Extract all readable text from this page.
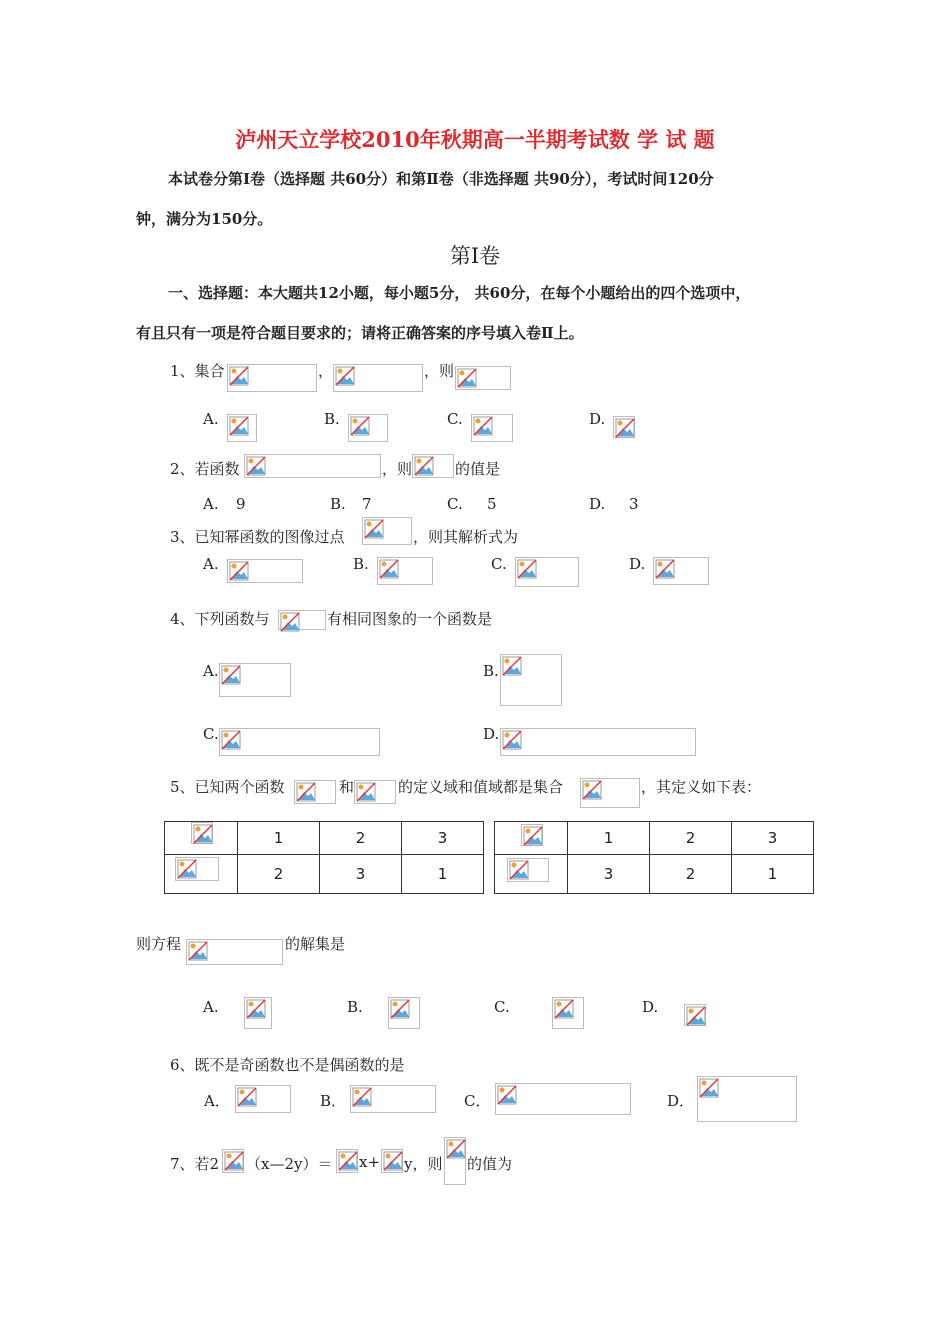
泸州天立学校2010年秋期高一半期考试数 学 试 题
本试卷分第Ⅰ卷（选择题 共60分）和第Ⅱ卷（非选择题 共90分），考试时间120分
钟，满分为150分。
第Ⅰ卷
一、选择题：本大题共12小题，每小题5分， 共60分，在每个小题给出的四个选项中，
有且只有一项是符合题目要求的；请将正确答案的序号填入卷Ⅱ上。
1、集合	，	，则
A.	B.	C.	D.
2、若函数	，则	的值是
A. 9	B. 7	C. 5	D. 3
3、已知幂函数的图像过点	，则其解析式为
A.	B.	C.	D.
4、下列函数与	有相同图象的一个函数是
A.	B.
C.	D.
5、已知两个函数	和	的定义域和值域都是集合	，其定义如下表：
	1	2	3

	2	3	1
	1	2	3

	3	2	1
则方程	的解集是
A.	B.	C.	D.
6、既不是奇函数也不是偶函数的是
A．	B．	C．	D．
7、若2 （x—2y）＝ x+ y，则 的值为
